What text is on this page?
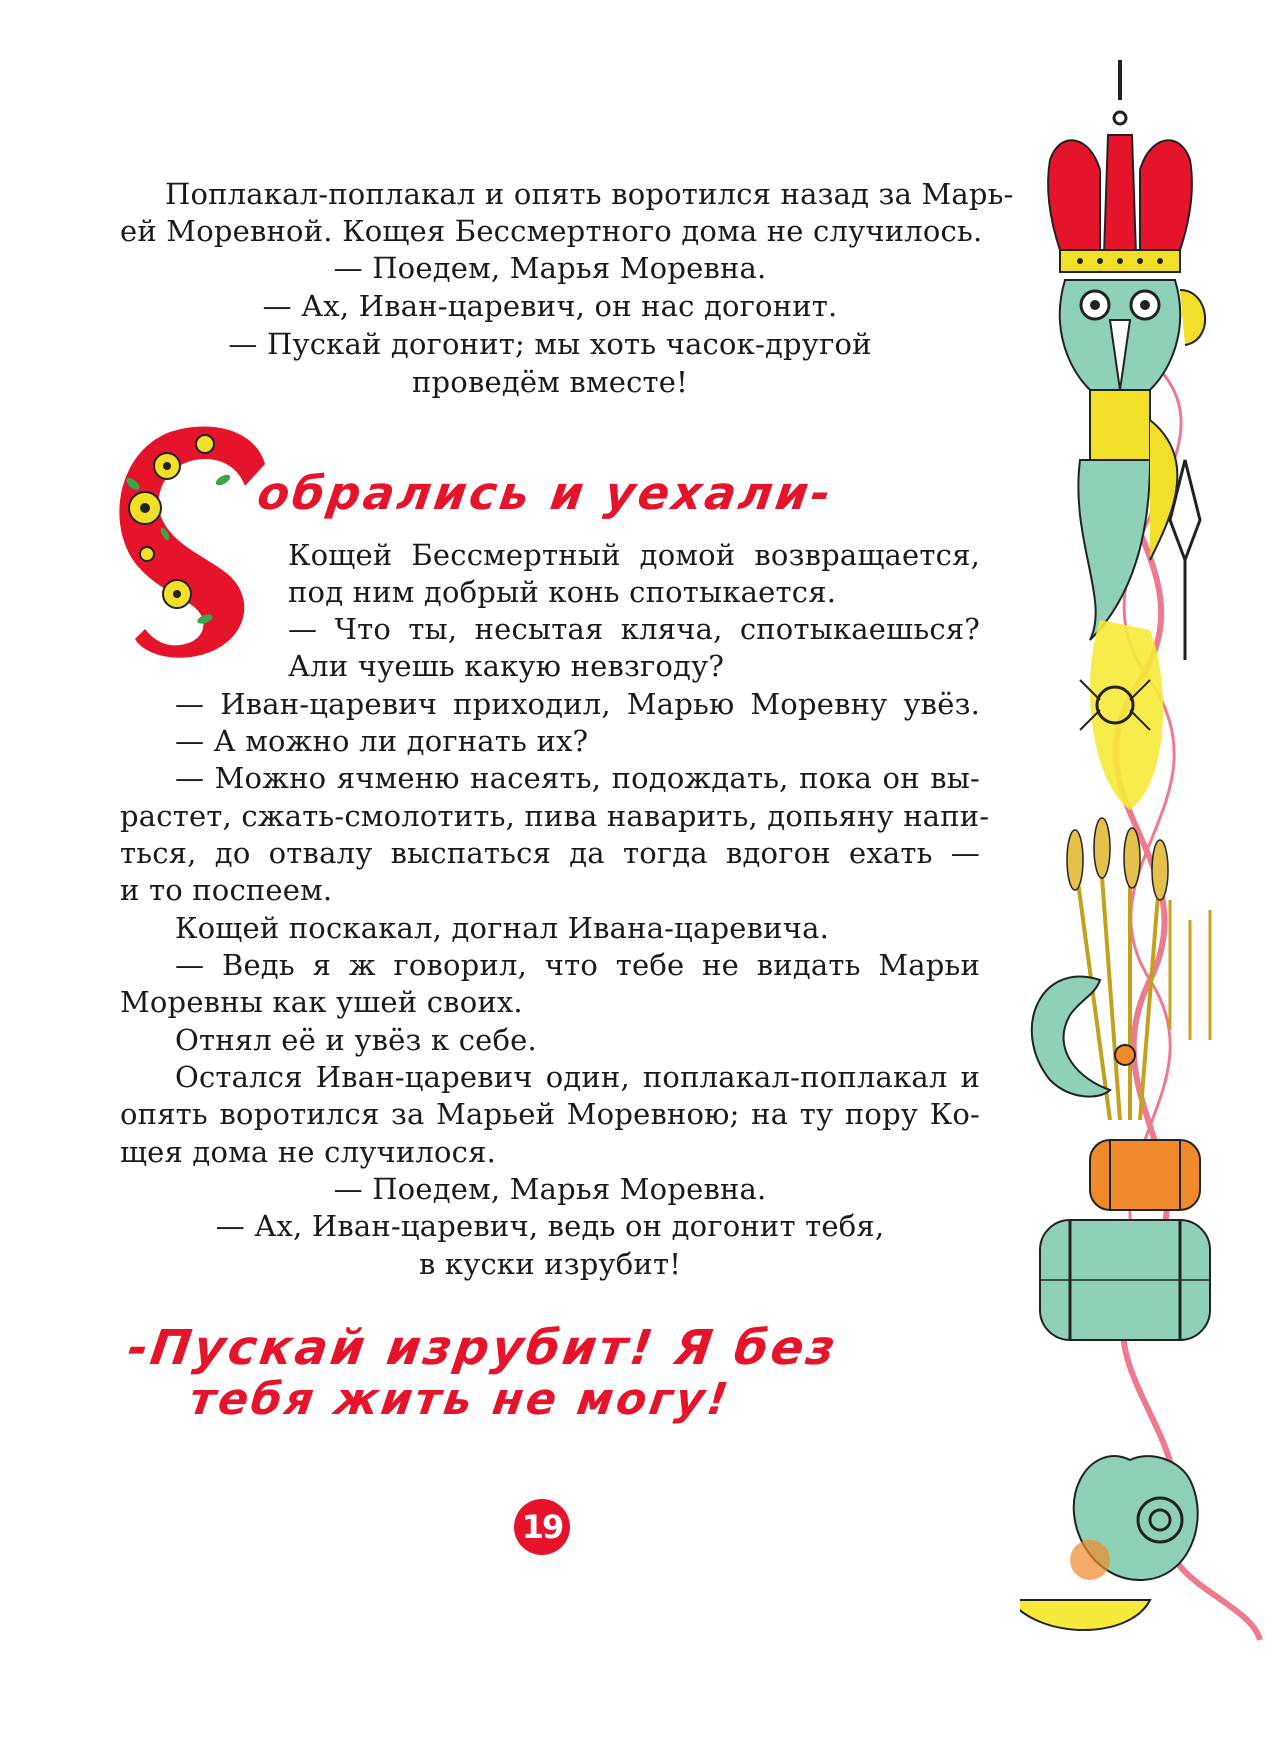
Поплакал-поплакал и опять воротился назад за Марь-
ей Моревной. Кощея Бессмертного дома не случилось.
— Поедем, Марья Моревна.
— Ах, Иван-царевич, он нас догонит.
— Пускай догонит; мы хоть часок-другой
проведём вместе!
обрались и уехали-
Кощей Бессмертный домой возвращается,
под ним добрый конь спотыкается.
— Что ты, несытая кляча, спотыкаешься?
Али чуешь какую невзгоду?
— Иван-царевич приходил, Марью Моревну увёз.
— А можно ли догнать их?
— Можно ячменю насеять, подождать, пока он вы-
растет, сжать-смолотить, пива наварить, допьяну напи-
ться, до отвалу выспаться да тогда вдогон ехать —
и то поспеем.
Кощей поскакал, догнал Ивана-царевича.
— Ведь я ж говорил, что тебе не видать Марьи
Моревны как ушей своих.
Отнял её и увёз к себе.
Остался Иван-царевич один, поплакал-поплакал и
опять воротился за Марьей Моревною; на ту пору Ко-
щея дома не случилося.
— Поедем, Марья Моревна.
— Ах, Иван-царевич, ведь он догонит тебя,
в куски изрубит!
-Пускай изрубит! Я без
тебя жить не могу!
19
